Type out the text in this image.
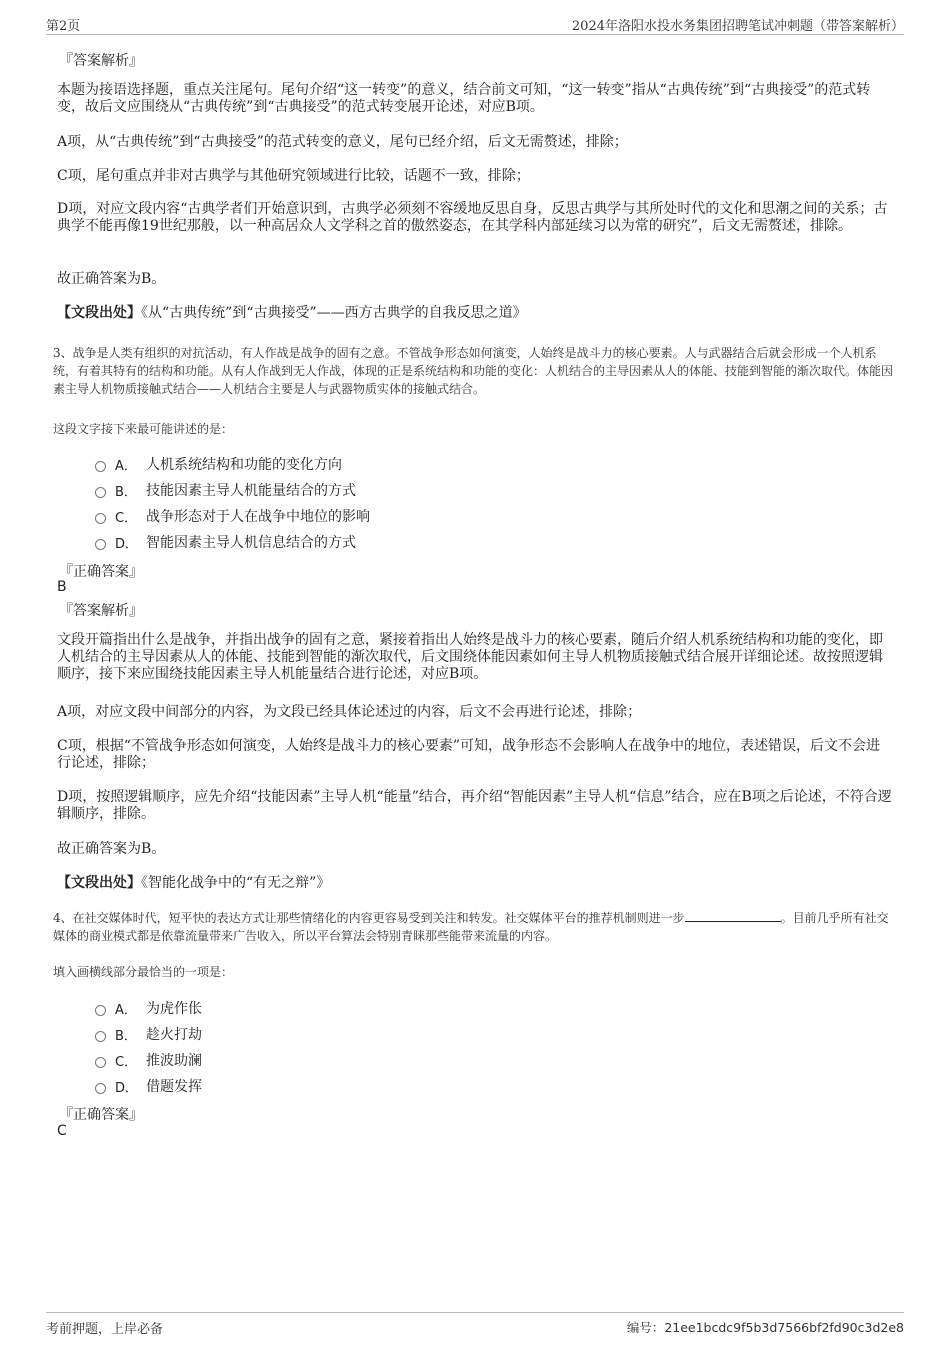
第2页	2024年洛阳水投水务集团招聘笔试冲刺题（带答案解析）
『答案解析』
本题为接语选择题，重点关注尾句。尾句介绍“这一转变”的意义，结合前文可知，“这一转变”指从“古典传统”到“古典接受”的范式转变，故后文应围绕从“古典传统”到“古典接受”的范式转变展开论述，对应B项。
A项，从“古典传统”到“古典接受”的范式转变的意义，尾句已经介绍，后文无需赘述，排除；
C项，尾句重点并非对古典学与其他研究领域进行比较，话题不一致，排除；
D项，对应文段内容“古典学者们开始意识到，古典学必须刻不容缓地反思自身，反思古典学与其所处时代的文化和思潮之间的关系；古典学不能再像19世纪那般，以一种高居众人文学科之首的傲然姿态，在其学科内部延续习以为常的研究”，后文无需赘述，排除。
故正确答案为B。
【文段出处】《从“古典传统”到“古典接受”——西方古典学的自我反思之道》
3、战争是人类有组织的对抗活动，有人作战是战争的固有之意。不管战争形态如何演变，人始终是战斗力的核心要素。人与武器结合后就会形成一个人机系统，有着其特有的结构和功能。从有人作战到无人作战，体现的正是系统结构和功能的变化：人机结合的主导因素从人的体能、技能到智能的渐次取代。体能因素主导人机物质接触式结合——人机结合主要是人与武器物质实体的接触式结合。
这段文字接下来最可能讲述的是：
A． 人机系统结构和功能的变化方向
B． 技能因素主导人机能量结合的方式
C． 战争形态对于人在战争中地位的影响
D． 智能因素主导人机信息结合的方式
『正确答案』
B
『答案解析』
文段开篇指出什么是战争，并指出战争的固有之意，紧接着指出人始终是战斗力的核心要素，随后介绍人机系统结构和功能的变化，即人机结合的主导因素从人的体能、技能到智能的渐次取代，后文围绕体能因素如何主导人机物质接触式结合展开详细论述。故按照逻辑顺序，接下来应围绕技能因素主导人机能量结合进行论述，对应B项。
A项，对应文段中间部分的内容，为文段已经具体论述过的内容，后文不会再进行论述，排除；
C项，根据“不管战争形态如何演变，人始终是战斗力的核心要素”可知，战争形态不会影响人在战争中的地位，表述错误，后文不会进行论述，排除；
D项，按照逻辑顺序，应先介绍“技能因素”主导人机“能量”结合，再介绍“智能因素”主导人机“信息”结合，应在B项之后论述，不符合逻辑顺序，排除。
故正确答案为B。
【文段出处】《智能化战争中的“有无之辩”》
4、在社交媒体时代，短平快的表达方式让那些情绪化的内容更容易受到关注和转发。社交媒体平台的推荐机制则进一步	。目前几乎所有社交媒体的商业模式都是依靠流量带来广告收入，所以平台算法会特别青睐那些能带来流量的内容。
填入画横线部分最恰当的一项是：
A． 为虎作伥
B． 趁火打劫
C． 推波助澜
D． 借题发挥
『正确答案』
C
考前押题，上岸必备	编号：21ee1bcdc9f5b3d7566bf2fd90c3d2e8
